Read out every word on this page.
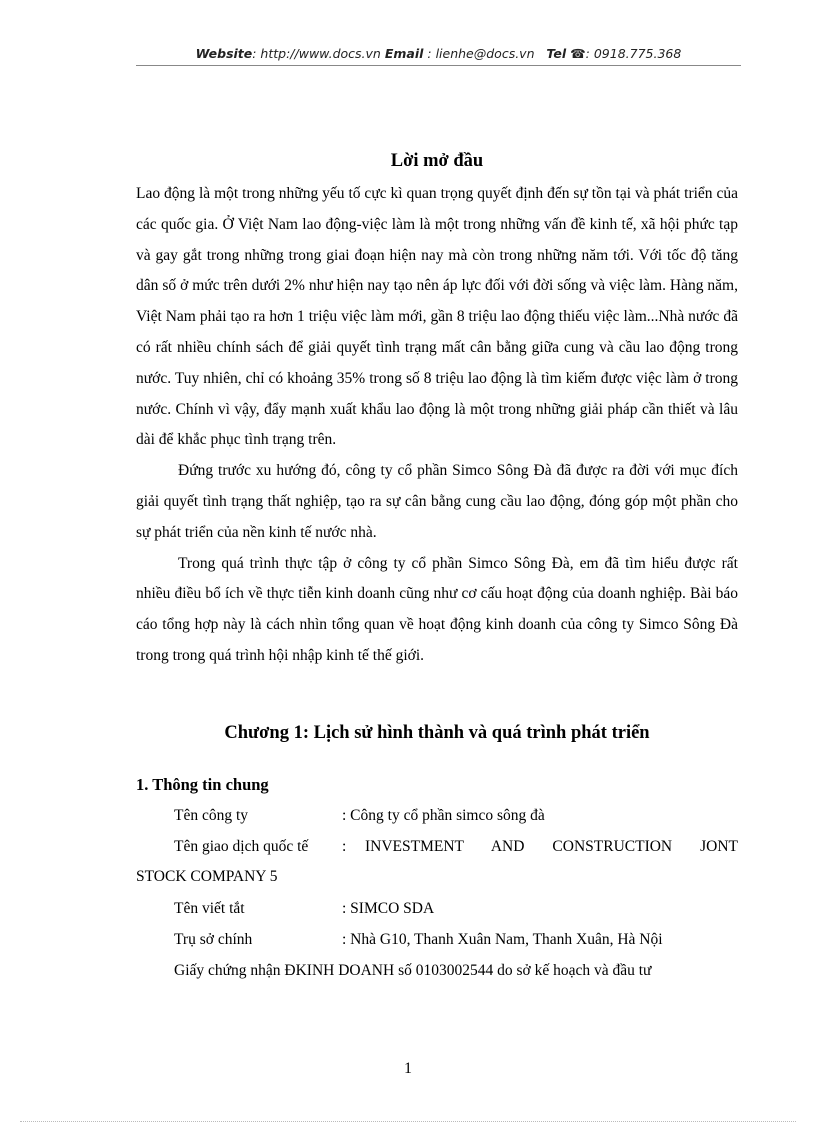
Website: http://www.docs.vn Email : lienhe@docs.vn Tel ☎: 0918.775.368
Lời mở đầu

Lao động là một trong những yếu tố cực kì quan trọng quyết định đến sự tồn tại và phát triển của các quốc gia. Ở Việt Nam lao động-việc làm là một trong những vấn đề kinh tế, xã hội phức tạp và gay gắt trong những trong giai đoạn hiện nay mà còn trong những năm tới. Với tốc độ tăng dân số ở mức trên dưới 2% như hiện nay tạo nên áp lực đối với đời sống và việc làm. Hàng năm, Việt Nam phải tạo ra hơn 1 triệu việc làm mới, gần 8 triệu lao động thiếu việc làm...Nhà nước đã có rất nhiều chính sách để giải quyết tình trạng mất cân bằng giữa cung và cầu lao động trong nước. Tuy nhiên, chỉ có khoảng 35% trong số 8 triệu lao động là tìm kiếm được việc làm ở trong nước. Chính vì vậy, đẩy mạnh xuất khẩu lao động là một trong những giải pháp cần thiết và lâu dài để khắc phục tình trạng trên.

Đứng trước xu hướng đó, công ty cổ phần Simco Sông Đà đã được ra đời với mục đích giải quyết tình trạng thất nghiệp, tạo ra sự cân bằng cung cầu lao động, đóng góp một phần cho sự phát triển của nền kinh tế nước nhà.

Trong quá trình thực tập ở công ty cổ phần Simco Sông Đà, em đã tìm hiểu được rất nhiều điều bổ ích về thực tiễn kinh doanh cũng như cơ cấu hoạt động của doanh nghiệp. Bài báo cáo tổng hợp này là cách nhìn tổng quan về hoạt động kinh doanh của công ty Simco Sông Đà trong trong quá trình hội nhập kinh tế thế giới.

Chương 1: Lịch sử hình thành và quá trình phát triển
1. Thông tin chung
Tên công ty	: Công ty cổ phần simco sông đà
Tên giao dịch quốc tế	:  INVESTMENT   AND   CONSTRUCTION   JONT
STOCK COMPANY 5
Tên viết tắt	: SIMCO SDA
Trụ sở chính	: Nhà G10, Thanh Xuân Nam, Thanh Xuân, Hà Nội
Giấy chứng nhận ĐKINH DOANH số 0103002544 do sở kế hoạch và đầu tư
1
